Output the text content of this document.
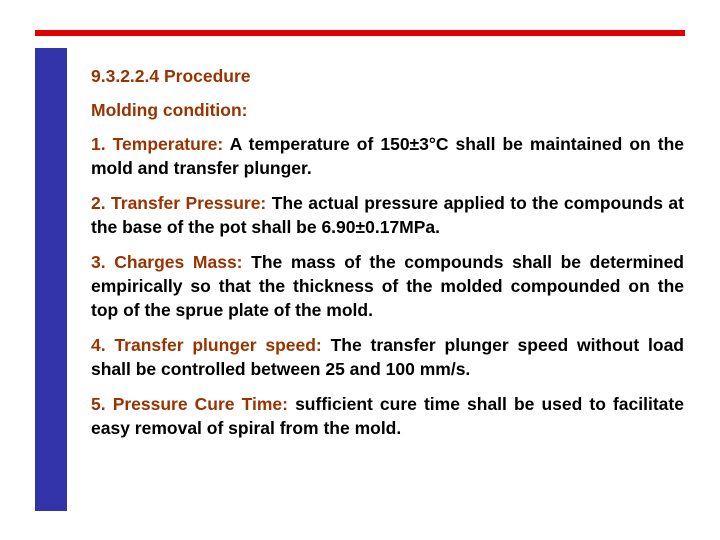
9.3.2.2.4 Procedure
Molding condition:
1. Temperature: A temperature of 150±3°C shall be maintained on the mold and transfer plunger.
2. Transfer Pressure: The actual pressure applied to the compounds at the base of the pot shall be 6.90±0.17MPa.
3. Charges Mass: The mass of the compounds shall be determined empirically so that the thickness of the molded compounded on the top of the sprue plate of the mold.
4. Transfer plunger speed: The transfer plunger speed without load shall be controlled between 25 and 100 mm/s.
5. Pressure Cure Time: sufficient cure time shall be used to facilitate easy removal of spiral from the mold.
